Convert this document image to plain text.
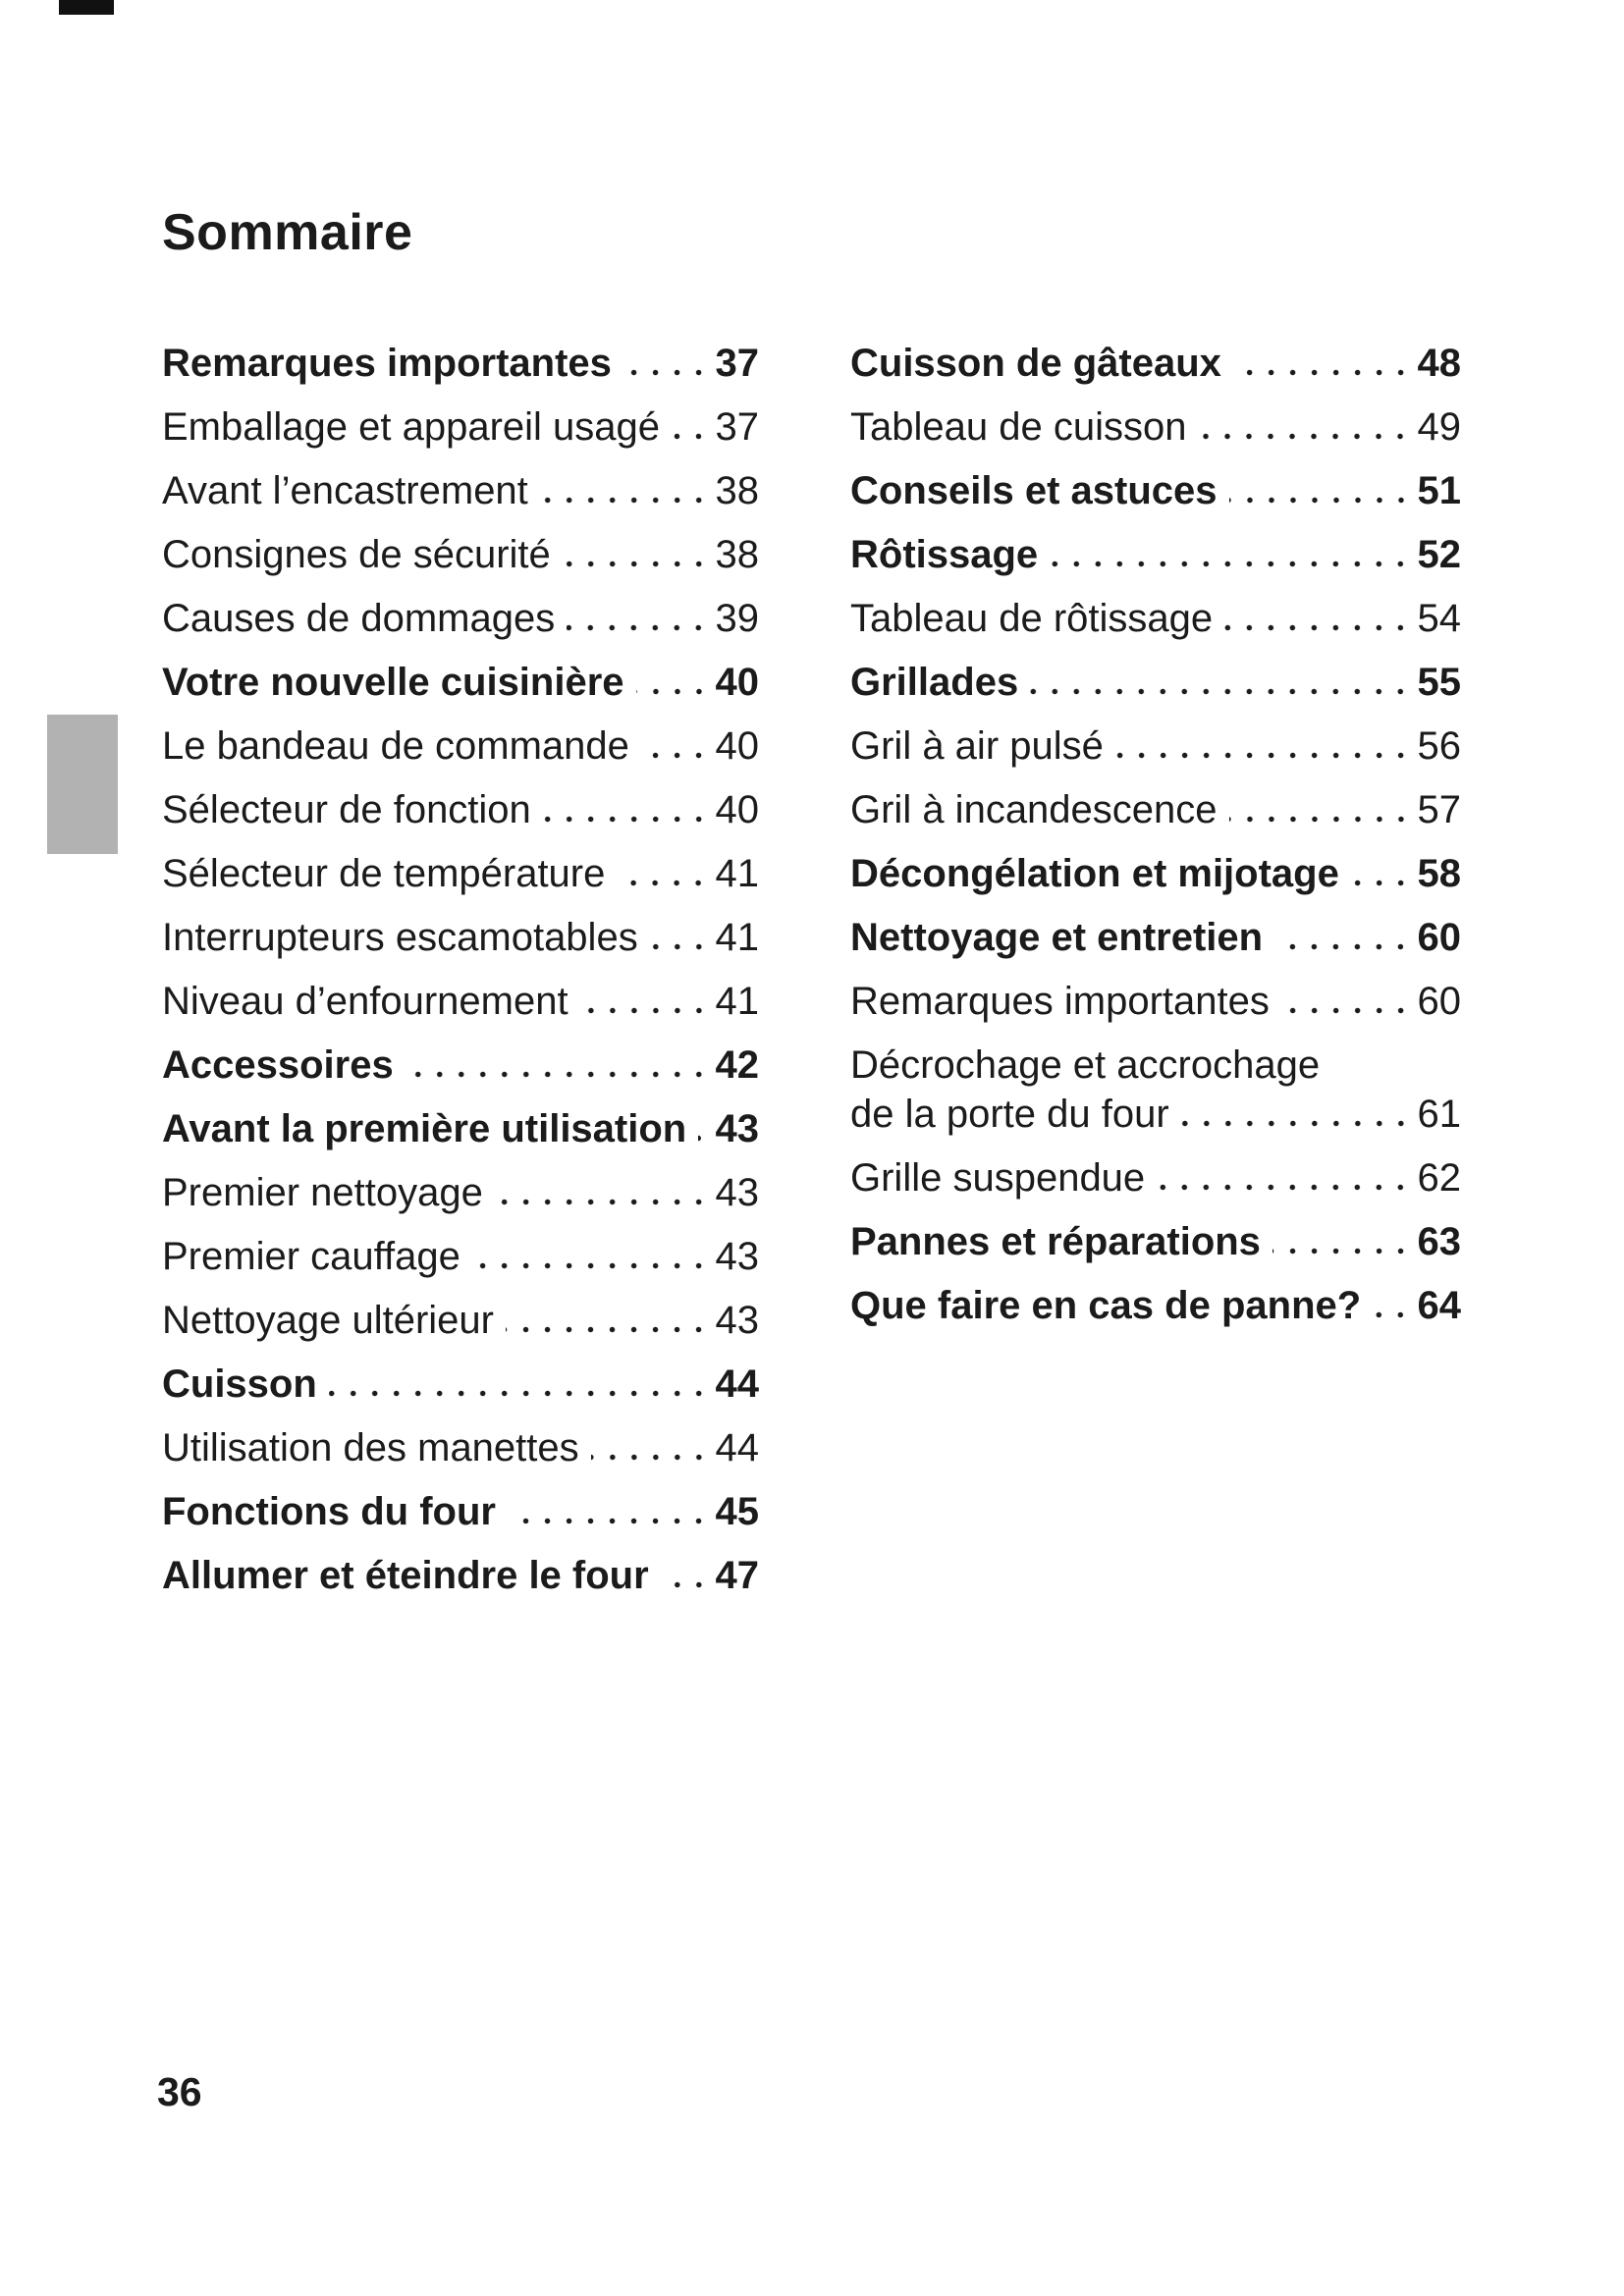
Sommaire
Remarques importantes	37
Emballage et appareil usagé 37
Avant l’encastrement	38
Consignes de sécurité	38
Causes de dommages	39
Votre nouvelle cuisinière 40
Le bandeau de commande 40
Sélecteur de fonction	40
Sélecteur de température	41
Interrupteurs escamotables 41
Niveau d’enfournement	41
Accessoires	42
Avant la première utilisation 43
Premier nettoyage	43
Premier cauffage	43
Nettoyage ultérieur	43
Cuisson	44
Utilisation des manettes	44
Fonctions du four	45
Allumer et éteindre le four 47
Cuisson de gâteaux	48
Tableau de cuisson	49
Conseils et astuces	51
Rôtissage	52
Tableau de rôtissage	54
Grillades	55
Gril à air pulsé	56
Gril à incandescence	57
Décongélation et mijotage 58
Nettoyage et entretien	60
Remarques importantes	60
Décrochage et accrochage
de la porte du four	61
Grille suspendue	62
Pannes et réparations	63
Que faire en cas de panne? 64
36
